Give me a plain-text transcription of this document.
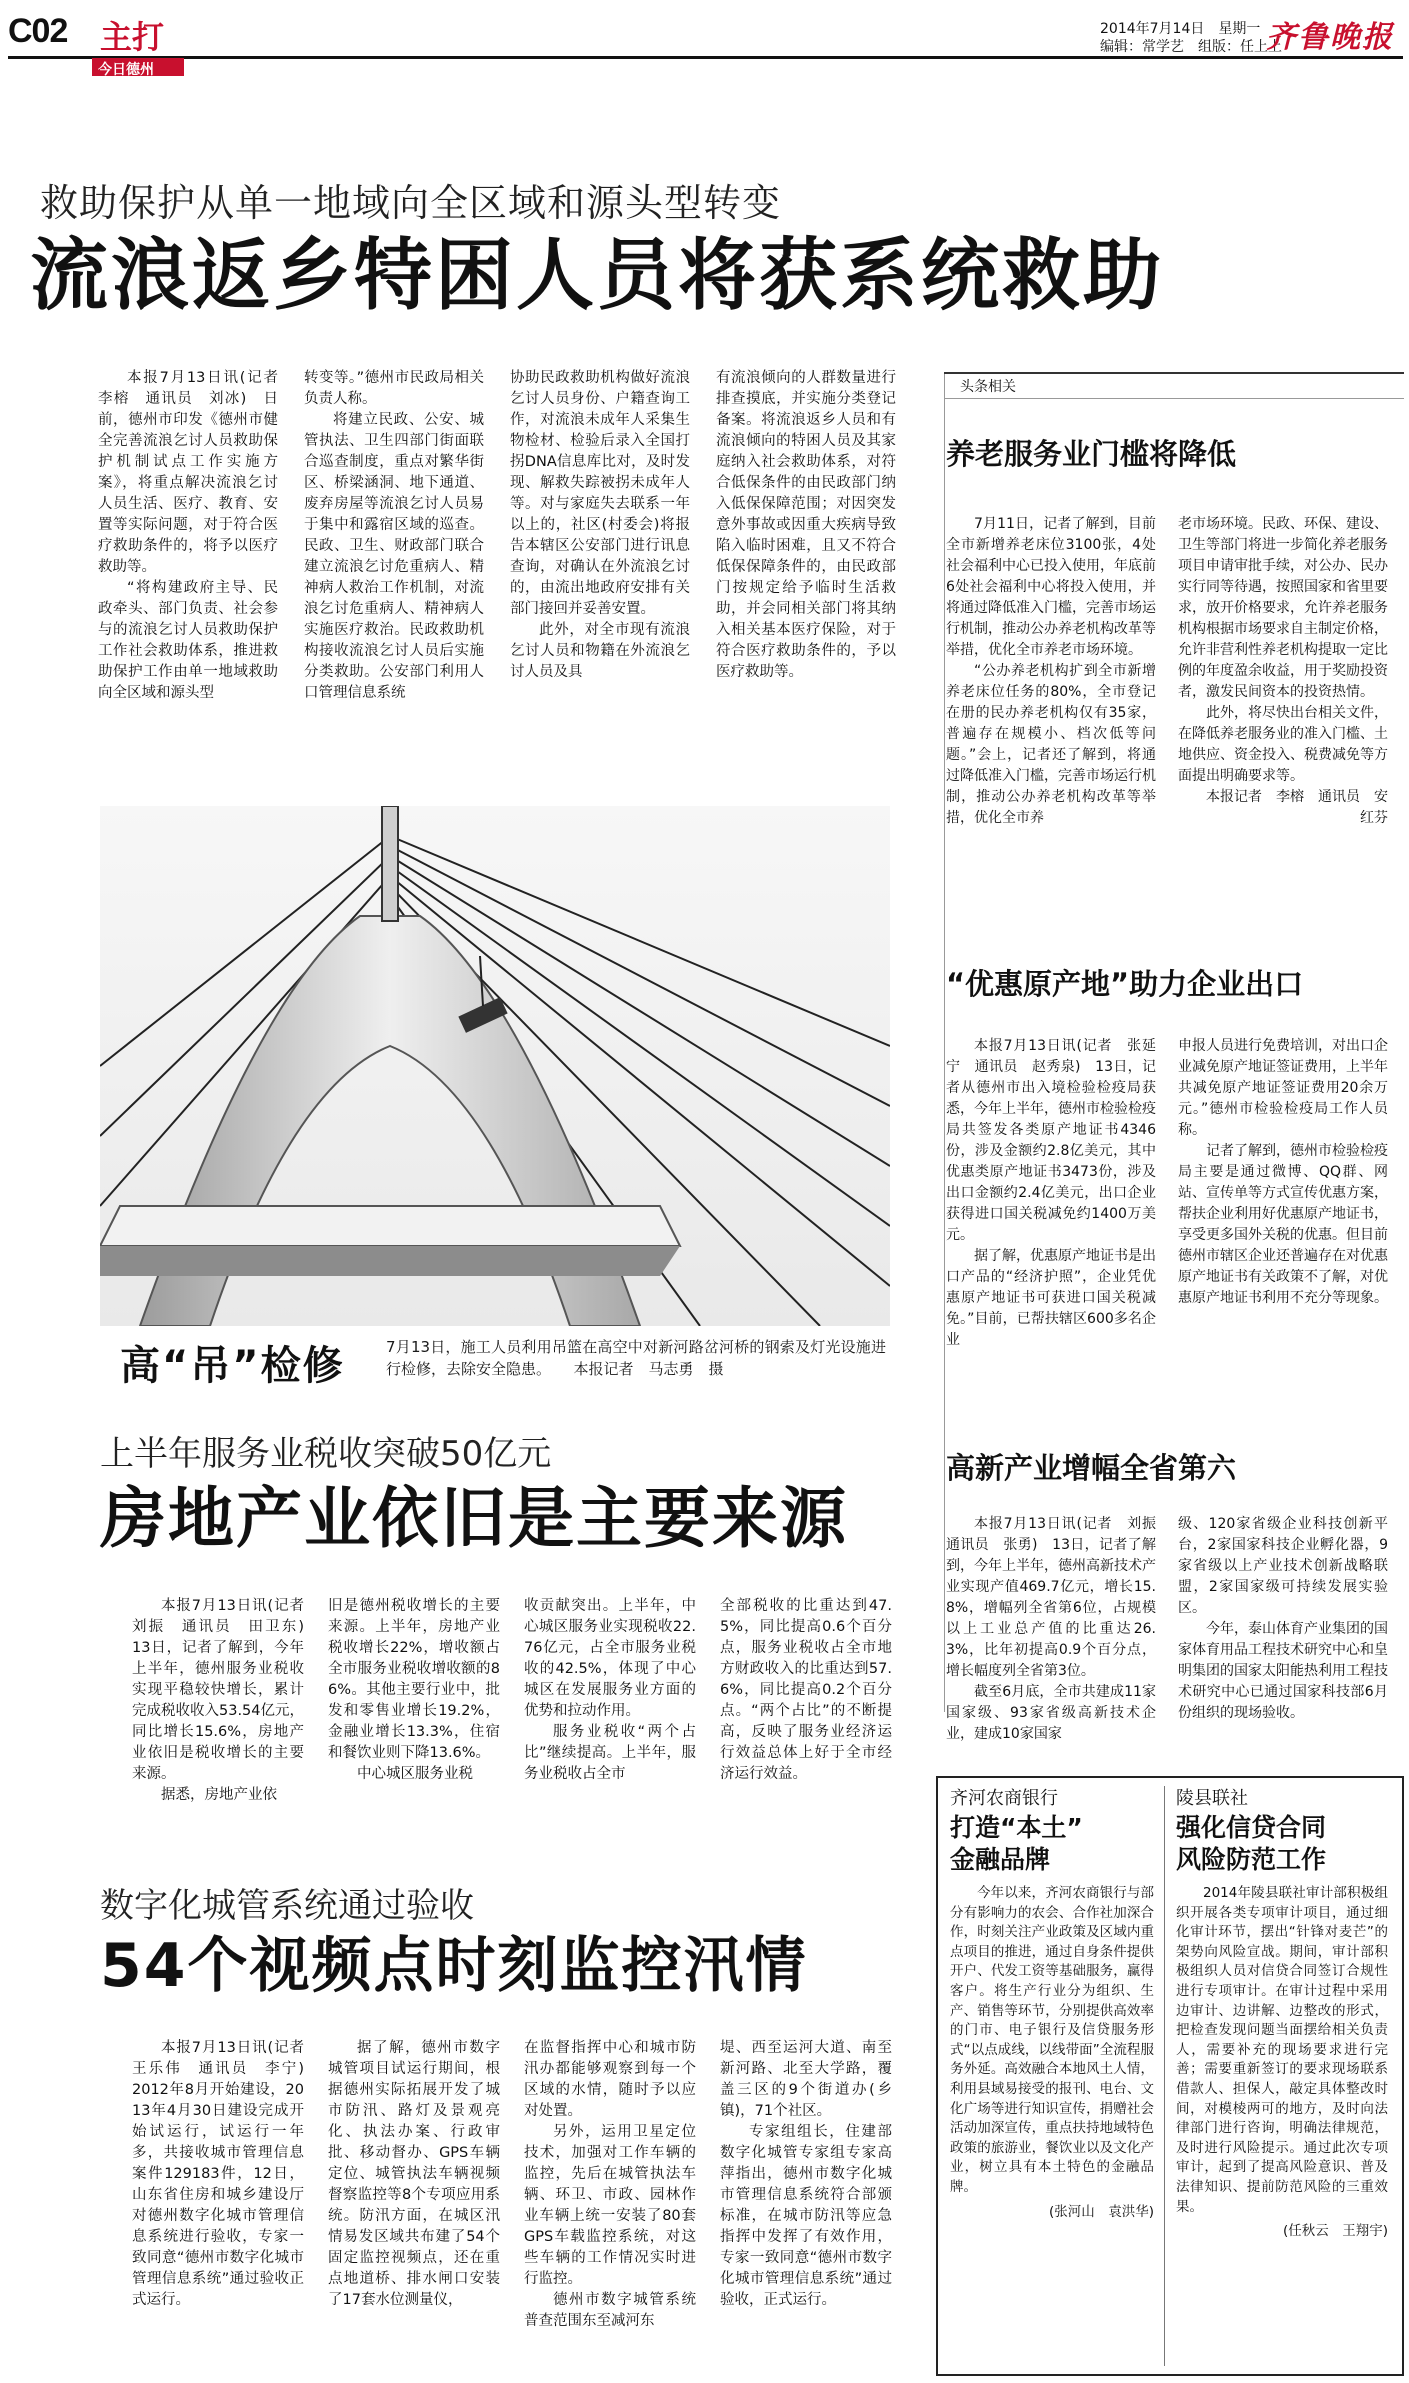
C02 主打
今日德州
2014年7月14日　星期一
编辑：常学艺　组版：任上上
齐鲁晚报
救助保护从单一地域向全区域和源头型转变
流浪返乡特困人员将获系统救助

本报7月13日讯(记者　李榕　通讯员　刘冰)　日前，德州市印发《德州市健全完善流浪乞讨人员救助保护机制试点工作实施方案》，将重点解决流浪乞讨人员生活、医疗、教育、安置等实际问题，对于符合医疗救助条件的，将予以医疗救助等。

“将构建政府主导、民政牵头、部门负责、社会参与的流浪乞讨人员救助保护工作社会救助体系，推进救助保护工作由单一地域救助向全区域和源头型

转变等。”德州市民政局相关负责人称。

将建立民政、公安、城管执法、卫生四部门街面联合巡查制度，重点对繁华街区、桥梁涵洞、地下通道、废弃房屋等流浪乞讨人员易于集中和露宿区域的巡查。民政、卫生、财政部门联合建立流浪乞讨危重病人、精神病人救治工作机制，对流浪乞讨危重病人、精神病人实施医疗救治。民政救助机构接收流浪乞讨人员后实施分类救助。公安部门利用人口管理信息系统

协助民政救助机构做好流浪乞讨人员身份、户籍查询工作，对流浪未成年人采集生物检材、检验后录入全国打拐DNA信息库比对，及时发现、解救失踪被拐未成年人等。对与家庭失去联系一年以上的，社区(村委会)将报告本辖区公安部门进行讯息查询，对确认在外流浪乞讨的，由流出地政府安排有关部门接回并妥善安置。

此外，对全市现有流浪乞讨人员和物籍在外流浪乞讨人员及具

有流浪倾向的人群数量进行排查摸底，并实施分类登记备案。将流浪返乡人员和有流浪倾向的特困人员及其家庭纳入社会救助体系，对符合低保条件的由民政部门纳入低保保障范围；对因突发意外事故或因重大疾病导致陷入临时困难，且又不符合低保保障条件的，由民政部门按规定给予临时生活救助，并会同相关部门将其纳入相关基本医疗保险，对于符合医疗救助条件的，予以医疗救助等。

高“吊”检修	7月13日，施工人员利用吊篮在高空中对新河路岔河桥的钢索及灯光设施进行检修，去除安全隐患。　　本报记者　马志勇　摄
上半年服务业税收突破50亿元
房地产业依旧是主要来源

本报7月13日讯(记者　刘振　通讯员　田卫东)　13日，记者了解到，今年上半年，德州服务业税收实现平稳较快增长，累计完成税收收入53.54亿元，同比增长15.6%，房地产业依旧是税收增长的主要来源。

据悉，房地产业依

旧是德州税收增长的主要来源。上半年，房地产业税收增长22%，增收额占全市服务业税收增收额的86%。其他主要行业中，批发和零售业增长19.2%，金融业增长13.3%，住宿和餐饮业则下降13.6%。

中心城区服务业税

收贡献突出。上半年，中心城区服务业实现税收22.76亿元，占全市服务业税收的42.5%，体现了中心城区在发展服务业方面的优势和拉动作用。

服务业税收“两个占比”继续提高。上半年，服务业税收占全市

全部税收的比重达到47.5%，同比提高0.6个百分点，服务业税收占全市地方财政收入的比重达到57.6%，同比提高0.2个百分点。“两个占比”的不断提高，反映了服务业经济运行效益总体上好于全市经济运行效益。

数字化城管系统通过验收
54个视频点时刻监控汛情

本报7月13日讯(记者　王乐伟　通讯员　李宁)　2012年8月开始建设，2013年4月30日建设完成开始试运行，试运行一年多，共接收城市管理信息案件129183件，12日，山东省住房和城乡建设厅对德州数字化城市管理信息系统进行验收，专家一致同意“德州市数字化城市管理信息系统”通过验收正式运行。

据了解，德州市数字城管项目试运行期间，根据德州实际拓展开发了城市防汛、路灯及景观亮化、执法办案、行政审批、移动督办、GPS车辆定位、城管执法车辆视频督察监控等8个专项应用系统。防汛方面，在城区汛情易发区域共布建了54个固定监控视频点，还在重点地道桥、排水闸口安装了17套水位测量仪，

在监督指挥中心和城市防汛办都能够观察到每一个区域的水情，随时予以应对处置。

另外，运用卫星定位技术，加强对工作车辆的监控，先后在城管执法车辆、环卫、市政、园林作业车辆上统一安装了80套GPS车载监控系统，对这些车辆的工作情况实时进行监控。

德州市数字城管系统普查范围东至减河东

堤、西至运河大道、南至新河路、北至大学路，覆盖三区的9个街道办(乡镇)，71个社区。

专家组组长，住建部数字化城管专家组专家高萍指出，德州市数字化城市管理信息系统符合部颁标准，在城市防汛等应急指挥中发挥了有效作用，专家一致同意“德州市数字化城市管理信息系统”通过验收，正式运行。

头条相关
养老服务业门槛将降低

7月11日，记者了解到，目前全市新增养老床位3100张，4处社会福利中心已投入使用，年底前6处社会福利中心将投入使用，并将通过降低准入门槛，完善市场运行机制，推动公办养老机构改革等举措，优化全市养老市场环境。

“公办养老机构扩到全市新增养老床位任务的80%，全市登记在册的民办养老机构仅有35家，普遍存在规模小、档次低等问题。”会上，记者还了解到，将通过降低准入门槛，完善市场运行机制，推动公办养老机构改革等举措，优化全市养

老市场环境。民政、环保、建设、卫生等部门将进一步简化养老服务项目申请审批手续，对公办、民办实行同等待遇，按照国家和省里要求，放开价格要求，允许养老服务机构根据市场要求自主制定价格，允许非营利性养老机构提取一定比例的年度盈余收益，用于奖励投资者，激发民间资本的投资热情。

此外，将尽快出台相关文件，在降低养老服务业的准入门槛、土地供应、资金投入、税费减免等方面提出明确要求等。

本报记者　李榕　通讯员　安红芬

“优惠原产地”助力企业出口

本报7月13日讯(记者　张延宁　通讯员　赵秀泉)　13日，记者从德州市出入境检验检疫局获悉，今年上半年，德州市检验检疫局共签发各类原产地证书4346份，涉及金额约2.8亿美元，其中优惠类原产地证书3473份，涉及出口金额约2.4亿美元，出口企业获得进口国关税减免约1400万美元。

据了解，优惠原产地证书是出口产品的“经济护照”，企业凭优惠原产地证书可获进口国关税减免。”目前，已帮扶辖区600多名企业

申报人员进行免费培训，对出口企业减免原产地证签证费用，上半年共减免原产地证签证费用20余万元。”德州市检验检疫局工作人员称。

记者了解到，德州市检验检疫局主要是通过微博、QQ群、网站、宣传单等方式宣传优惠方案，帮扶企业利用好优惠原产地证书，享受更多国外关税的优惠。但目前德州市辖区企业还普遍存在对优惠原产地证书有关政策不了解，对优惠原产地证书利用不充分等现象。

高新产业增幅全省第六

本报7月13日讯(记者　刘振　通讯员　张勇)　13日，记者了解到，今年上半年，德州高新技术产业实现产值469.7亿元，增长15.8%，增幅列全省第6位，占规模以上工业总产值的比重达26.3%，比年初提高0.9个百分点，增长幅度列全省第3位。

截至6月底，全市共建成11家国家级、93家省级高新技术企业，建成10家国家

级、120家省级企业科技创新平台，2家国家科技企业孵化器，9家省级以上产业技术创新战略联盟，2家国家级可持续发展实验区。

今年，泰山体育产业集团的国家体育用品工程技术研究中心和皇明集团的国家太阳能热利用工程技术研究中心已通过国家科技部6月份组织的现场验收。

齐河农商银行
打造“本土”
金融品牌

今年以来，齐河农商银行与部分有影响力的农会、合作社加深合作，时刻关注产业政策及区域内重点项目的推进，通过自身条件提供开户、代发工资等基础服务，赢得客户。将生产行业分为组织、生产、销售等环节，分别提供高效率的门市、电子银行及信贷服务形式“以点成线，以线带面”全流程服务外延。高效融合本地风土人情，利用县域易接受的报刊、电台、文化广场等进行知识宣传，捐赠社会活动加深宣传，重点扶持地域特色政策的旅游业，餐饮业以及文化产业，树立具有本土特色的金融品牌。

(张河山　袁洪华)
陵县联社
强化信贷合同
风险防范工作

2014年陵县联社审计部积极组织开展各类专项审计项目，通过细化审计环节，摆出“针锋对麦芒”的架势向风险宣战。期间，审计部积极组织人员对信贷合同签订合规性进行专项审计。在审计过程中采用边审计、边讲解、边整改的形式，把检查发现问题当面摆给相关负责人，需要补充的现场要求进行完善；需要重新签订的要求现场联系借款人、担保人，敲定具体整改时间，对模棱两可的地方，及时向法律部门进行咨询，明确法律规范，及时进行风险提示。通过此次专项审计，起到了提高风险意识、普及法律知识、提前防范风险的三重效果。

(任秋云　王翔宇)
